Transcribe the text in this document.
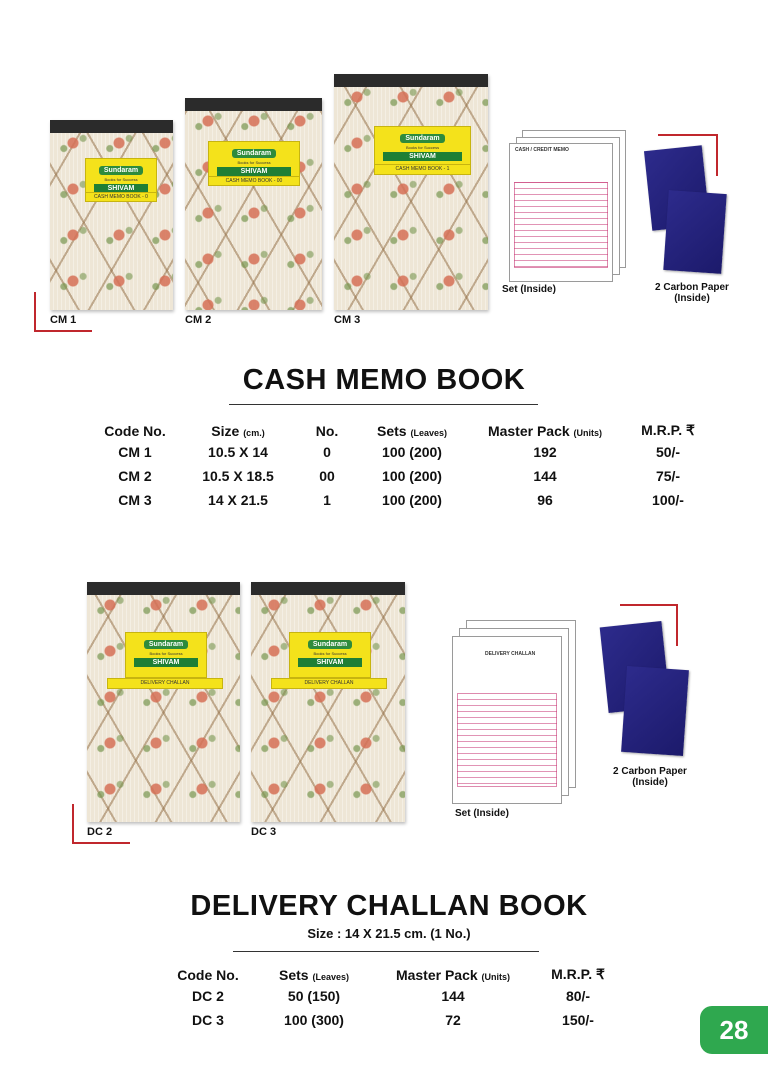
Sundaram
Books for Success
SHIVAM
CASH MEMO BOOK - 0
CM 1
Sundaram
Books for Success
SHIVAM
CASH MEMO BOOK - 00
CM 2
Sundaram
Books for Success
SHIVAM
CASH MEMO BOOK - 1
CM 3
CASH / CREDIT MEMO
Set (Inside)	2 Carbon Paper
(Inside)
CASH MEMO BOOK
Code No.	Size (cm.)	No.	Sets (Leaves)	Master Pack (Units)	M.R.P. ₹
CM 1	10.5 X 14	0	100 (200)	192	50/-
CM 2	10.5 X 18.5	00	100 (200)	144	75/-
CM 3	14 X 21.5	1	100 (200)	96	100/-
Sundaram
Books for Success
SHIVAM
DELIVERY CHALLAN
DC 2
Sundaram
Books for Success
SHIVAM
DELIVERY CHALLAN
DC 3
DELIVERY CHALLAN
Set (Inside)
2 Carbon Paper
(Inside)
DELIVERY CHALLAN BOOK
Size : 14 X 21.5 cm. (1 No.)
Code No.	Sets (Leaves)	Master Pack (Units)	M.R.P. ₹
DC 2	50 (150)	144	80/-
DC 3	100 (300)	72	150/-	28
